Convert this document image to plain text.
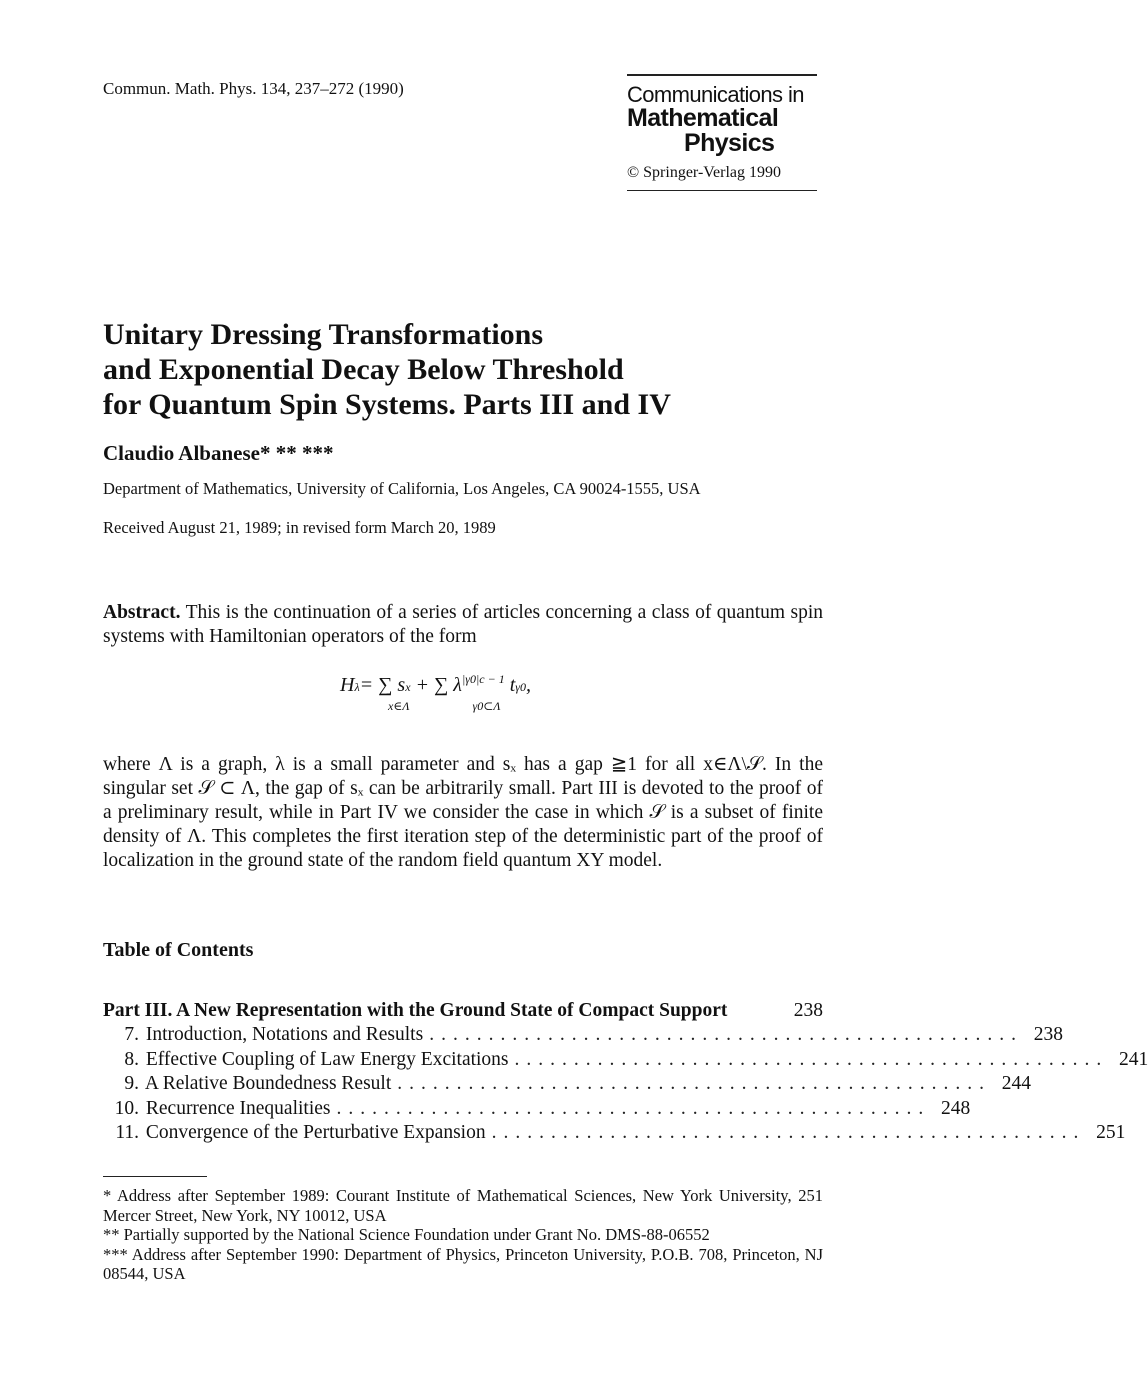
Commun. Math. Phys. 134, 237–272 (1990)	Communications in
Mathematical
Physics
© Springer-Verlag 1990
Unitary Dressing Transformations
and Exponential Decay Below Threshold
for Quantum Spin Systems. Parts III and IV
Claudio Albanese* ** ***
Department of Mathematics, University of California, Los Angeles, CA 90024-1555, USA
Received August 21, 1989; in revised form March 20, 1989

Abstract. This is the continuation of a series of articles concerning a class of quantum spin systems with Hamiltonian operators of the form

Hλ= ∑ sx + ∑ $\lambda^{|\gamma 0|c - 1}$ tγ0,
x∈Λ	γ0⊂Λ

where Λ is a graph, λ is a small parameter and sₓ has a gap ≧1 for all x∈Λ\𝒮. In the singular set 𝒮 ⊂ Λ, the gap of sₓ can be arbitrarily small. Part III is devoted to the proof of a preliminary result, while in Part IV we consider the case in which 𝒮 is a subset of finite density of Λ. This completes the first iteration step of the deterministic part of the proof of localization in the ground state of the random field quantum XY model.

Table of Contents
Part III. A New Representation with the Ground State of Compact Support	238
7. Introduction, Notations and Results .................................................. 238
8. Effective Coupling of Law Energy Excitations .................................................. 241
9. A Relative Boundedness Result .................................................. 244
10. Recurrence Inequalities .................................................. 248
11. Convergence of the Perturbative Expansion .................................................. 251

* Address after September 1989: Courant Institute of Mathematical Sciences, New York University, 251 Mercer Street, New York, NY 10012, USA

** Partially supported by the National Science Foundation under Grant No. DMS-88-06552

*** Address after September 1990: Department of Physics, Princeton University, P.O.B. 708, Princeton, NJ 08544, USA
